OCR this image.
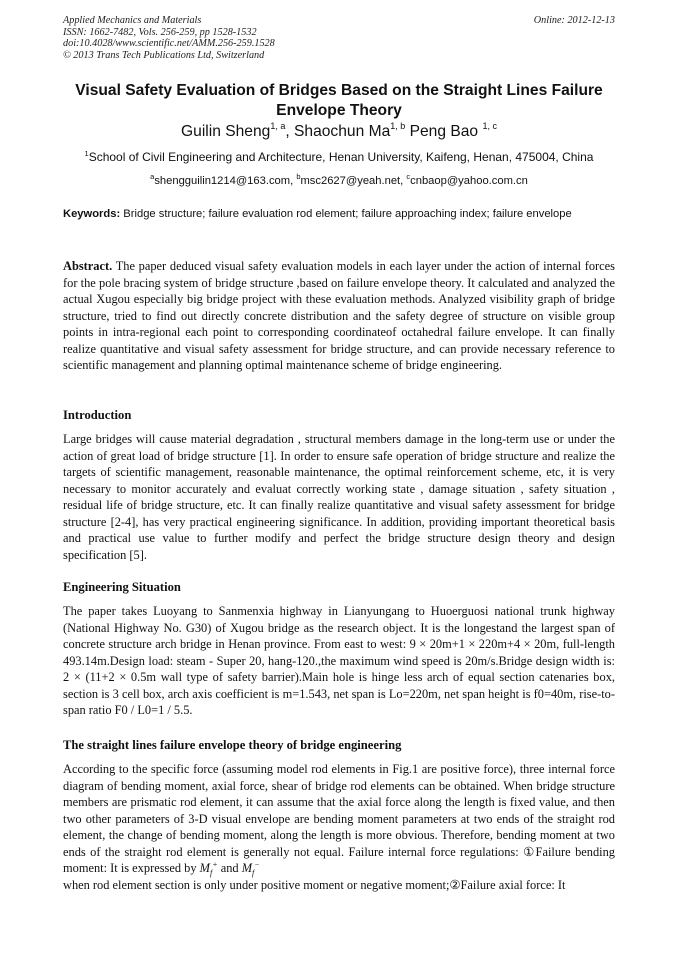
Applied Mechanics and Materials
ISSN: 1662-7482, Vols. 256-259, pp 1528-1532
doi:10.4028/www.scientific.net/AMM.256-259.1528
© 2013 Trans Tech Publications Ltd, Switzerland
Online: 2012-12-13
Visual Safety Evaluation of Bridges Based on the Straight Lines Failure Envelope Theory
Guilin Sheng$^{1, a}$, Shaochun Ma$^{1, b}$ Peng Bao $^{1, c}$
$^1$School of Civil Engineering and Architecture, Henan University, Kaifeng, Henan, 475004, China
$^a$shengguilin1214@163.com, $^b$msc2627@yeah.net, $^c$cnbaop@yahoo.com.cn
Keywords: Bridge structure; failure evaluation rod element; failure approaching index; failure envelope
Abstract. The paper deduced visual safety evaluation models in each layer under the action of internal forces for the pole bracing system of bridge structure ,based on failure envelope theory. It calculated and analyzed the actual Xugou especially big bridge project with these evaluation methods. Analyzed visibility graph of bridge structure, tried to find out directly concrete distribution and the safety degree of structure on visible group points in intra-regional each point to corresponding coordinateof octahedral failure envelope. It can finally realize quantitative and visual safety assessment for bridge structure, and can provide necessary reference to scientific management and planning optimal maintenance scheme of bridge engineering.
Introduction
Large bridges will cause material degradation , structural members damage in the long-term use or under the action of great load of bridge structure [1]. In order to ensure safe operation of bridge structure and realize the targets of scientific management, reasonable maintenance, the optimal reinforcement scheme, etc, it is very necessary to monitor accurately and evaluat correctly working state , damage situation , safety situation , residual life of bridge structure, etc. It can finally realize quantitative and visual safety assessment for bridge structure [2-4], has very practical engineering significance. In addition, providing important theoretical basis and practical use value to further modify and perfect the bridge structure design theory and design specification [5].
Engineering Situation
The paper takes Luoyang to Sanmenxia highway in Lianyungang to Huoerguosi national trunk highway (National Highway No. G30) of Xugou bridge as the research object. It is the longestand the largest span of concrete structure arch bridge in Henan province. From east to west: 9 × 20m+1 × 220m+4 × 20m, full-length 493.14m.Design load: steam - Super 20, hang-120.,the maximum wind speed is 20m/s.Bridge design width is: 2 × (11+2 × 0.5m wall type of safety barrier).Main hole is hinge less arch of equal section catenaries box, section is 3 cell box, arch axis coefficient is m=1.543, net span is Lo=220m, net span height is f0=40m, rise-to-span ratio F0 / L0=1 / 5.5.
The straight lines failure envelope theory of bridge engineering
According to the specific force (assuming model rod elements in Fig.1 are positive force), three internal force diagram of bending moment, axial force, shear of bridge rod elements can be obtained. When bridge structure members are prismatic rod element, it can assume that the axial force along the length is fixed value, and then two other parameters of 3-D visual envelope are bending moment parameters at two ends of the straight rod element, the change of bending moment, along the length is more obvious. Therefore, bending moment at two ends of the straight rod element is generally not equal. Failure internal force regulations: ①Failure bending moment: It is expressed by $M_f^+$ and $M_f^-$
when rod element section is only under positive moment or negative moment;②Failure axial force: It
